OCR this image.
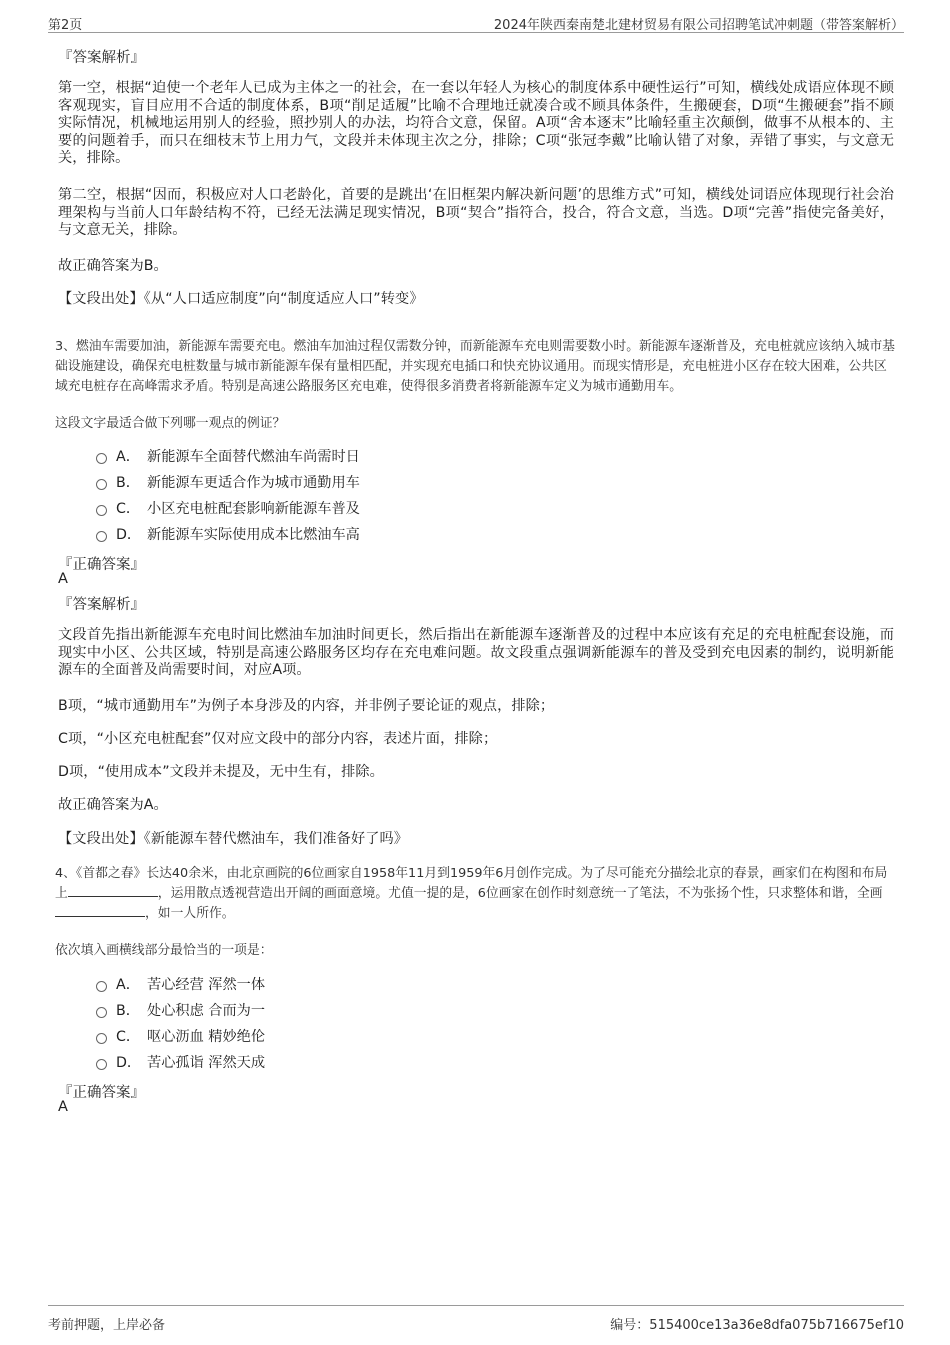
第2页	2024年陕西秦南楚北建材贸易有限公司招聘笔试冲刺题（带答案解析）
『答案解析』

第一空，根据“迫使一个老年人已成为主体之一的社会，在一套以年轻人为核心的制度体系中硬性运行”可知，横线处成语应体现不顾客观现实，盲目应用不合适的制度体系，B项“削足适履”比喻不合理地迁就凑合或不顾具体条件，生搬硬套，D项“生搬硬套”指不顾实际情况，机械地运用别人的经验，照抄别人的办法，均符合文意，保留。A项“舍本逐末”比喻轻重主次颠倒，做事不从根本的、主要的问题着手，而只在细枝末节上用力气，文段并未体现主次之分，排除；C项“张冠李戴”比喻认错了对象，弄错了事实，与文意无关，排除。

第二空，根据“因而，积极应对人口老龄化，首要的是跳出‘在旧框架内解决新问题’的思维方式”可知，横线处词语应体现现行社会治理架构与当前人口年龄结构不符，已经无法满足现实情况，B项“契合”指符合，投合，符合文意，当选。D项“完善”指使完备美好，与文意无关，排除。

故正确答案为B。
【文段出处】《从“人口适应制度”向“制度适应人口”转变》

3、燃油车需要加油，新能源车需要充电。燃油车加油过程仅需数分钟，而新能源车充电则需要数小时。新能源车逐渐普及，充电桩就应该纳入城市基础设施建设，确保充电桩数量与城市新能源车保有量相匹配，并实现充电插口和快充协议通用。而现实情形是，充电桩进小区存在较大困难，公共区域充电桩存在高峰需求矛盾。特别是高速公路服务区充电难，使得很多消费者将新能源车定义为城市通勤用车。

这段文字最适合做下列哪一观点的例证？
A． 新能源车全面替代燃油车尚需时日
B． 新能源车更适合作为城市通勤用车
C． 小区充电桩配套影响新能源车普及
D． 新能源车实际使用成本比燃油车高
『正确答案』
A
『答案解析』

文段首先指出新能源车充电时间比燃油车加油时间更长，然后指出在新能源车逐渐普及的过程中本应该有充足的充电桩配套设施，而现实中小区、公共区域，特别是高速公路服务区均存在充电难问题。故文段重点强调新能源车的普及受到充电因素的制约，说明新能源车的全面普及尚需要时间，对应A项。

B项，“城市通勤用车”为例子本身涉及的内容，并非例子要论证的观点，排除；
C项，“小区充电桩配套”仅对应文段中的部分内容，表述片面，排除；
D项，“使用成本”文段并未提及，无中生有，排除。
故正确答案为A。
【文段出处】《新能源车替代燃油车，我们准备好了吗》

4、《首都之春》长达40余米，由北京画院的6位画家自1958年11月到1959年6月创作完成。为了尽可能充分描绘北京的春景，画家们在构图和布局上	，运用散点透视营造出开阔的画面意境。尤值一提的是，6位画家在创作时刻意统一了笔法，不为张扬个性，只求整体和谐，全画，如一人所作。

依次填入画横线部分最恰当的一项是：
A． 苦心经营 浑然一体
B． 处心积虑 合而为一
C． 呕心沥血 精妙绝伦
D． 苦心孤诣 浑然天成
『正确答案』
A
考前押题，上岸必备	编号：515400ce13a36e8dfa075b716675ef10
